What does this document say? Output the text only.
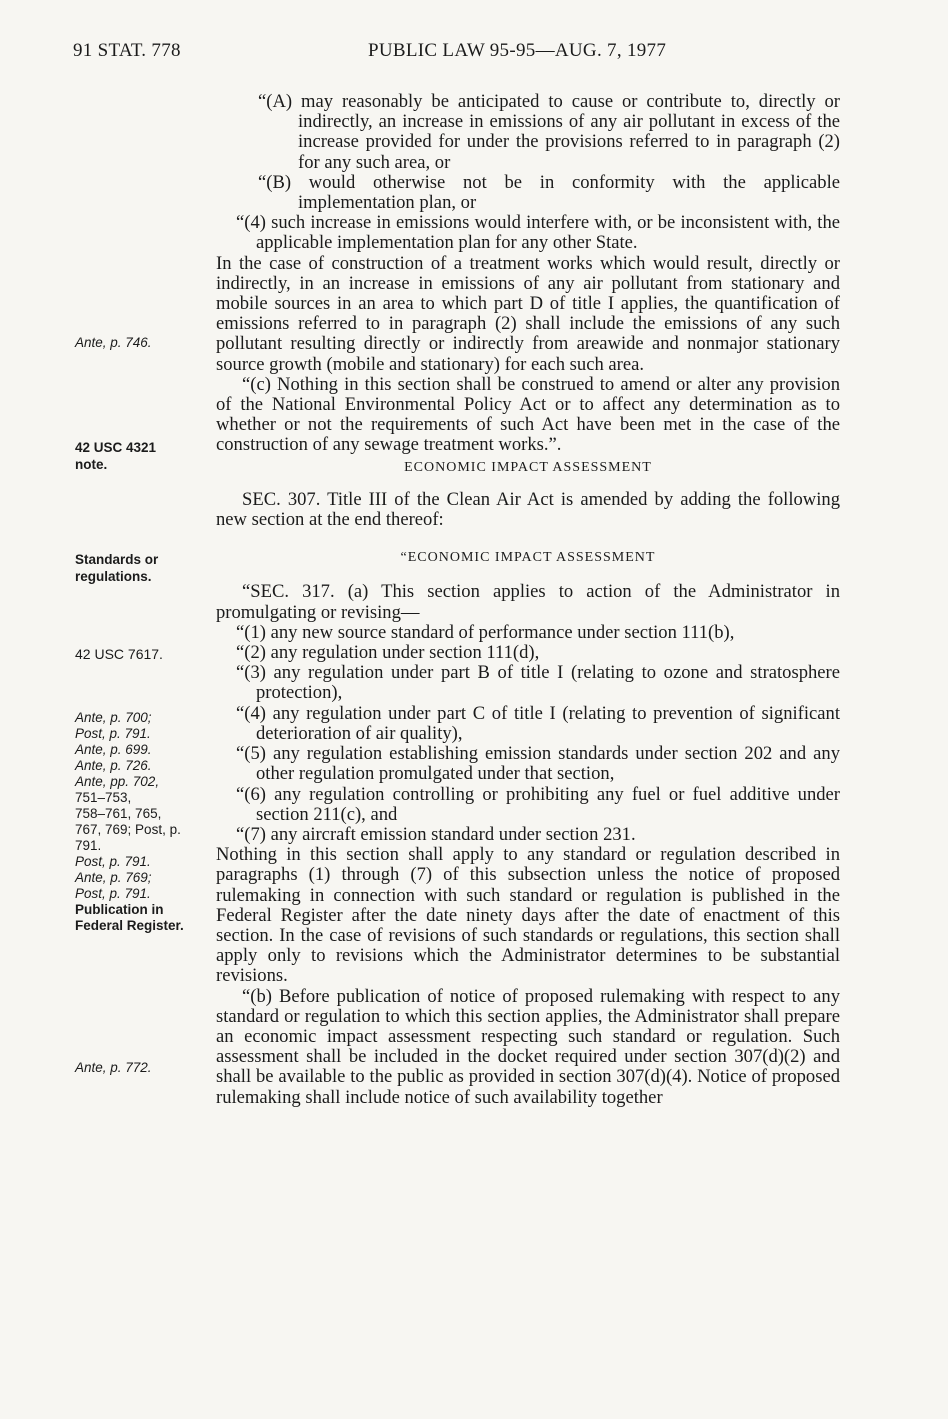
91 STAT. 778	PUBLIC LAW 95-95—AUG. 7, 1977
Ante, p. 746.
42 USC 4321
note.
Standards or
regulations.
42 USC 7617.
Ante, p. 700;
Post, p. 791.
Ante, p. 699.
Ante, p. 726.
Ante, pp. 702,
751–753,
758–761, 765,
767, 769; Post, p.
791.
Post, p. 791.
Ante, p. 769;
Post, p. 791.
Publication in
Federal Register.
Ante, p. 772.

“(A) may reasonably be anticipated to cause or contribute to, directly or indirectly, an increase in emissions of any air pollutant in excess of the increase provided for under the provisions referred to in paragraph (2) for any such area, or

“(B) would otherwise not be in conformity with the applicable implementation plan, or

“(4) such increase in emissions would interfere with, or be inconsistent with, the applicable implementation plan for any other State.

In the case of construction of a treatment works which would result, directly or indirectly, in an increase in emissions of any air pollutant from stationary and mobile sources in an area to which part D of title I applies, the quantification of emissions referred to in paragraph (2) shall include the emissions of any such pollutant resulting directly or indirectly from areawide and nonmajor stationary source growth (mobile and stationary) for each such area.

“(c) Nothing in this section shall be construed to amend or alter any provision of the National Environmental Policy Act or to affect any determination as to whether or not the requirements of such Act have been met in the case of the construction of any sewage treatment works.”.

ECONOMIC IMPACT ASSESSMENT

SEC. 307. Title III of the Clean Air Act is amended by adding the following new section at the end thereof:

“ECONOMIC IMPACT ASSESSMENT

“SEC. 317. (a) This section applies to action of the Administrator in promulgating or revising—

“(1) any new source standard of performance under section 111(b),

“(2) any regulation under section 111(d),

“(3) any regulation under part B of title I (relating to ozone and stratosphere protection),

“(4) any regulation under part C of title I (relating to prevention of significant deterioration of air quality),

“(5) any regulation establishing emission standards under section 202 and any other regulation promulgated under that section,

“(6) any regulation controlling or prohibiting any fuel or fuel additive under section 211(c), and

“(7) any aircraft emission standard under section 231.

Nothing in this section shall apply to any standard or regulation described in paragraphs (1) through (7) of this subsection unless the notice of proposed rulemaking in connection with such standard or regulation is published in the Federal Register after the date ninety days after the date of enactment of this section. In the case of revisions of such standards or regulations, this section shall apply only to revisions which the Administrator determines to be substantial revisions.

“(b) Before publication of notice of proposed rulemaking with respect to any standard or regulation to which this section applies, the Administrator shall prepare an economic impact assessment respecting such standard or regulation. Such assessment shall be included in the docket required under section 307(d)(2) and shall be available to the public as provided in section 307(d)(4). Notice of proposed rulemaking shall include notice of such availability together
